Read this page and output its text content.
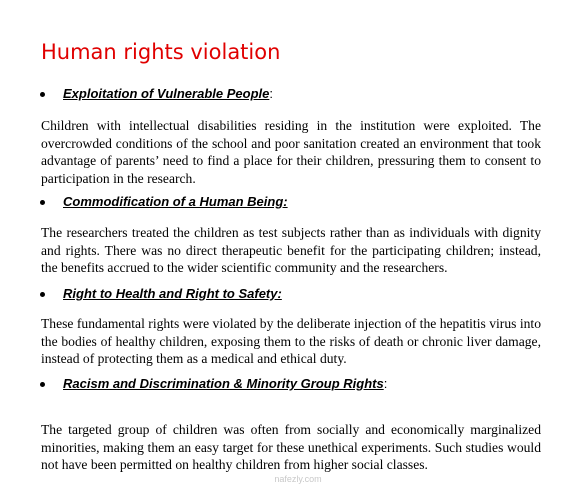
Human rights violation
Exploitation of Vulnerable People :
Children with intellectual disabilities residing in the institution were exploited. The overcrowded conditions of the school and poor sanitation created an environment that took advantage of parents’ need to find a place for their children, pressuring them to consent to participation in the research.
Commodification of a Human Being:
The researchers treated the children as test subjects rather than as individuals with dignity and rights. There was no direct therapeutic benefit for the participating children; instead, the benefits accrued to the wider scientific community and the researchers.
Right to Health and Right to Safety:
These fundamental rights were violated by the deliberate injection of the hepatitis virus into the bodies of healthy children, exposing them to the risks of death or chronic liver damage, instead of protecting them as a medical and ethical duty.
Racism and Discrimination & Minority Group Rights :
The targeted group of children was often from socially and economically marginalized minorities, making them an easy target for these unethical experiments. Such studies would not have been permitted on healthy children from higher social classes.
nafezly.com
